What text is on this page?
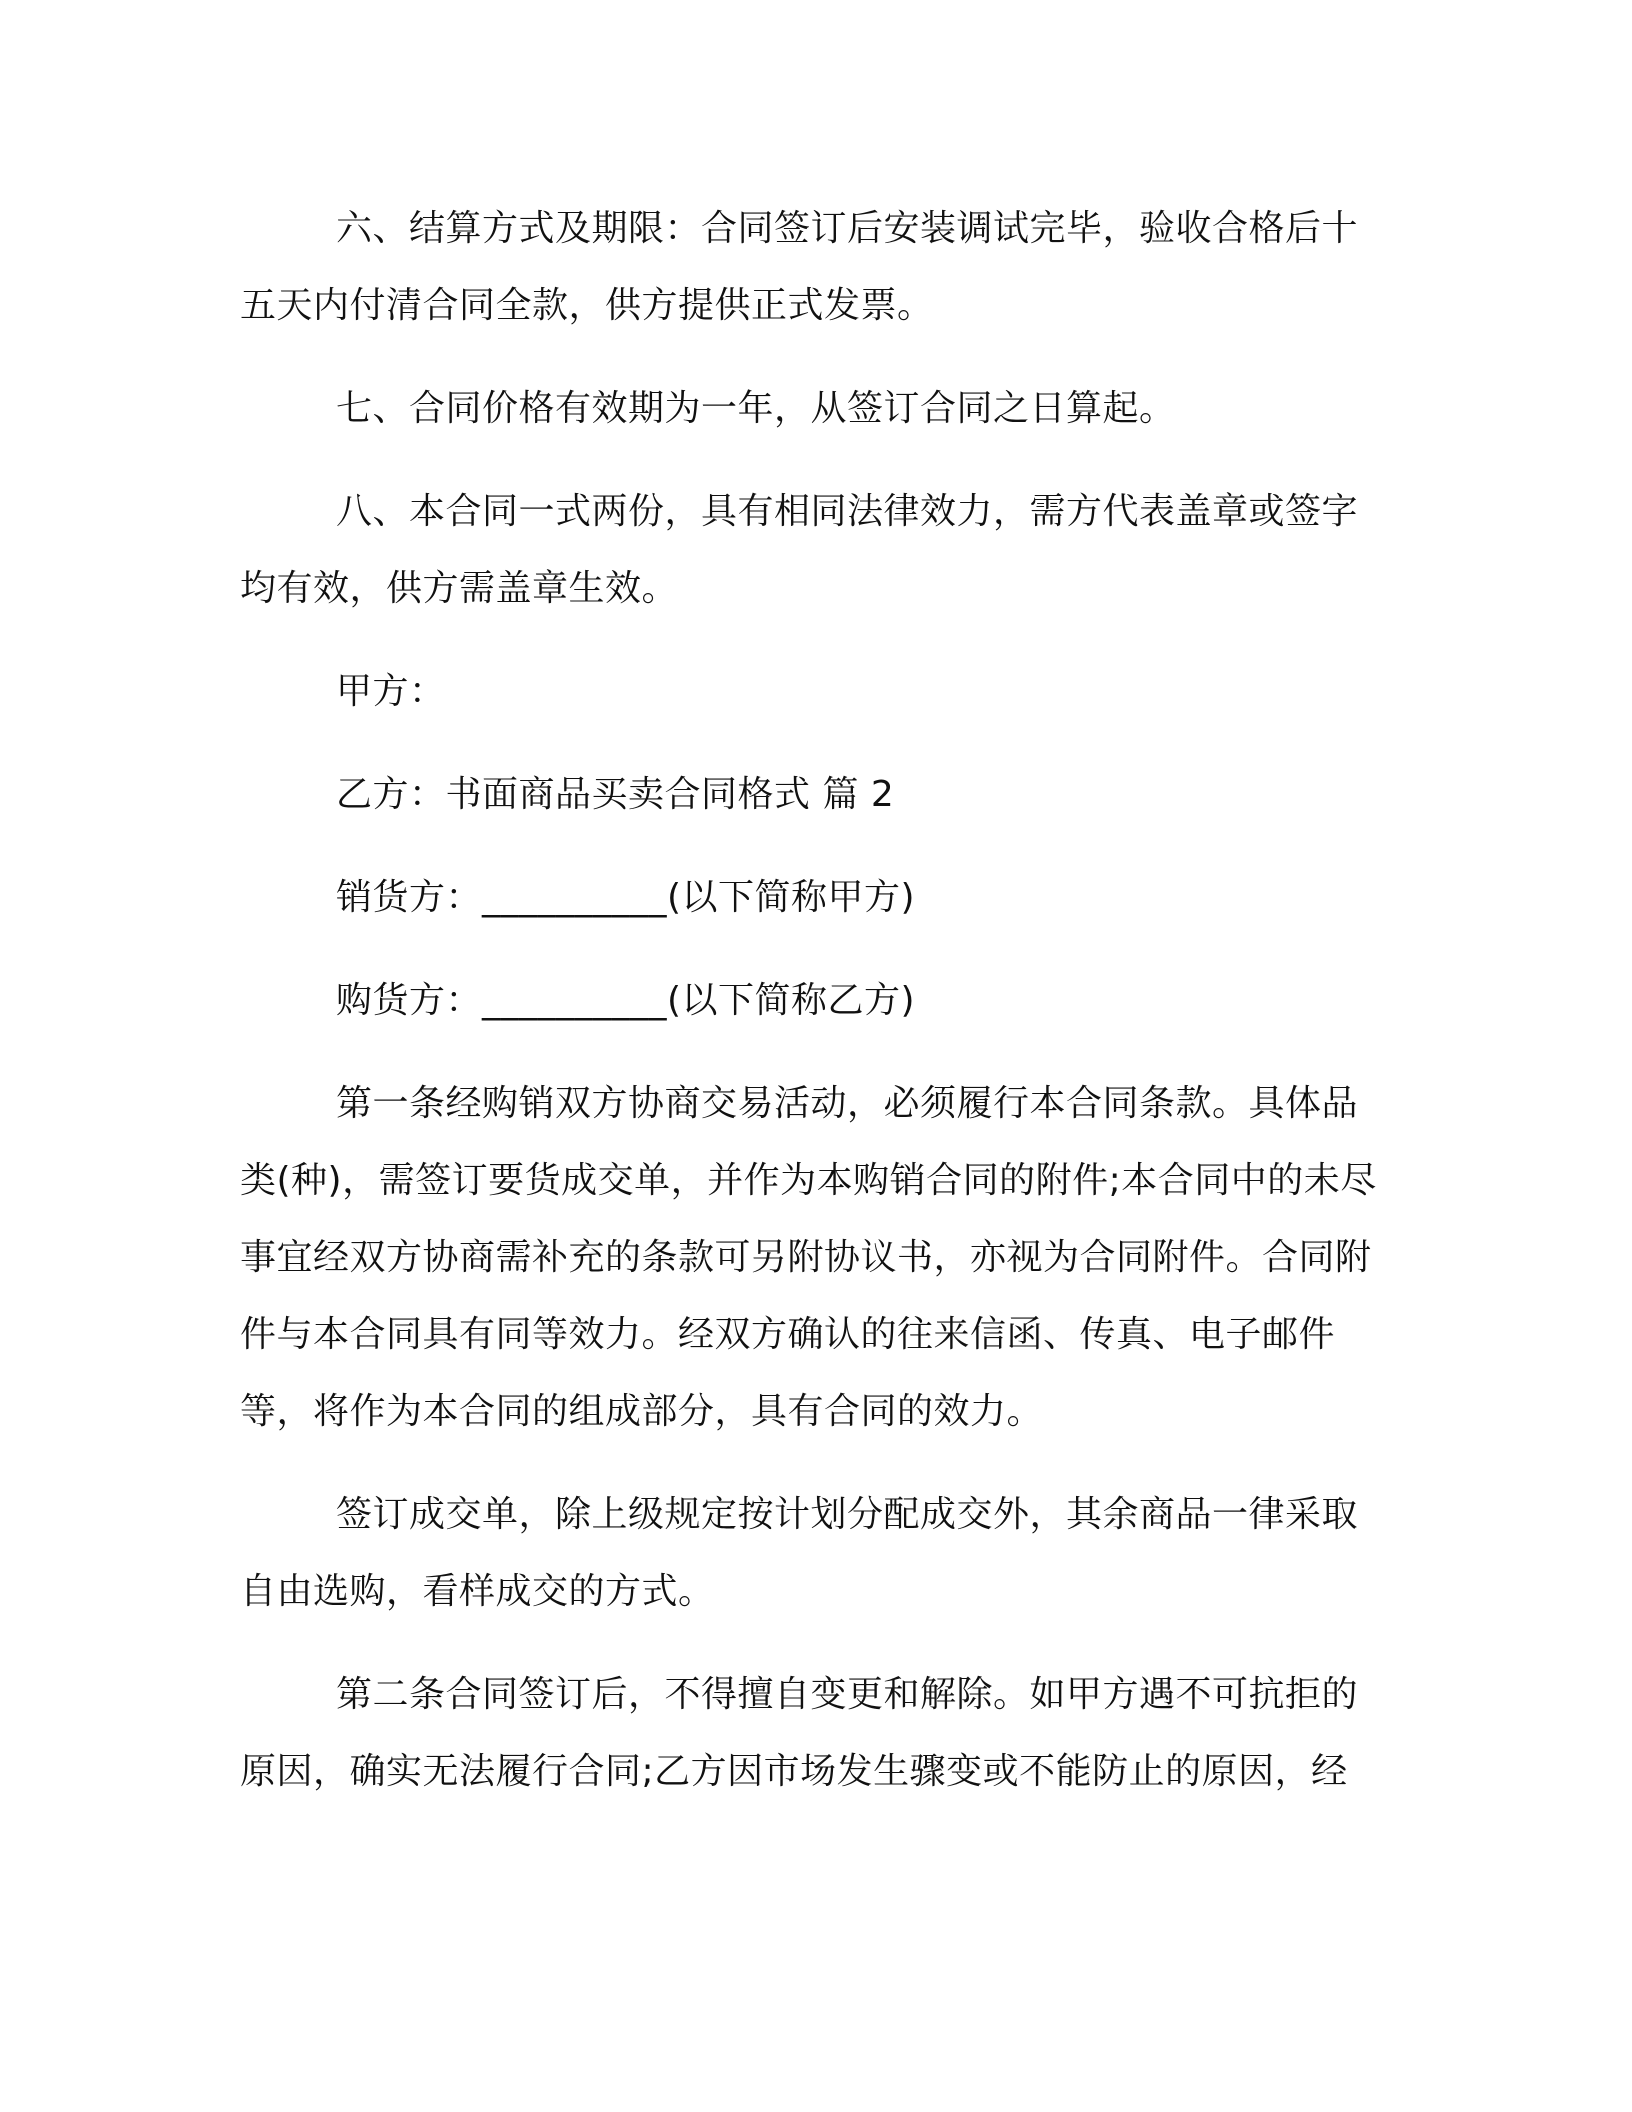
六、结算方式及期限：合同签订后安装调试完毕，验收合格后十五天内付清合同全款，供方提供正式发票。

七、合同价格有效期为一年，从签订合同之日算起。

八、本合同一式两份，具有相同法律效力，需方代表盖章或签字均有效，供方需盖章生效。

甲方：

乙方：书面商品买卖合同格式 篇 2

销货方：__________(以下简称甲方)

购货方：__________(以下简称乙方)

第一条经购销双方协商交易活动，必须履行本合同条款。具体品类(种)，需签订要货成交单，并作为本购销合同的附件;本合同中的未尽事宜经双方协商需补充的条款可另附协议书，亦视为合同附件。合同附件与本合同具有同等效力。经双方确认的往来信函、传真、电子邮件等，将作为本合同的组成部分，具有合同的效力。

签订成交单，除上级规定按计划分配成交外，其余商品一律采取自由选购，看样成交的方式。

第二条合同签订后，不得擅自变更和解除。如甲方遇不可抗拒的原因，确实无法履行合同;乙方因市场发生骤变或不能防止的原因，经
